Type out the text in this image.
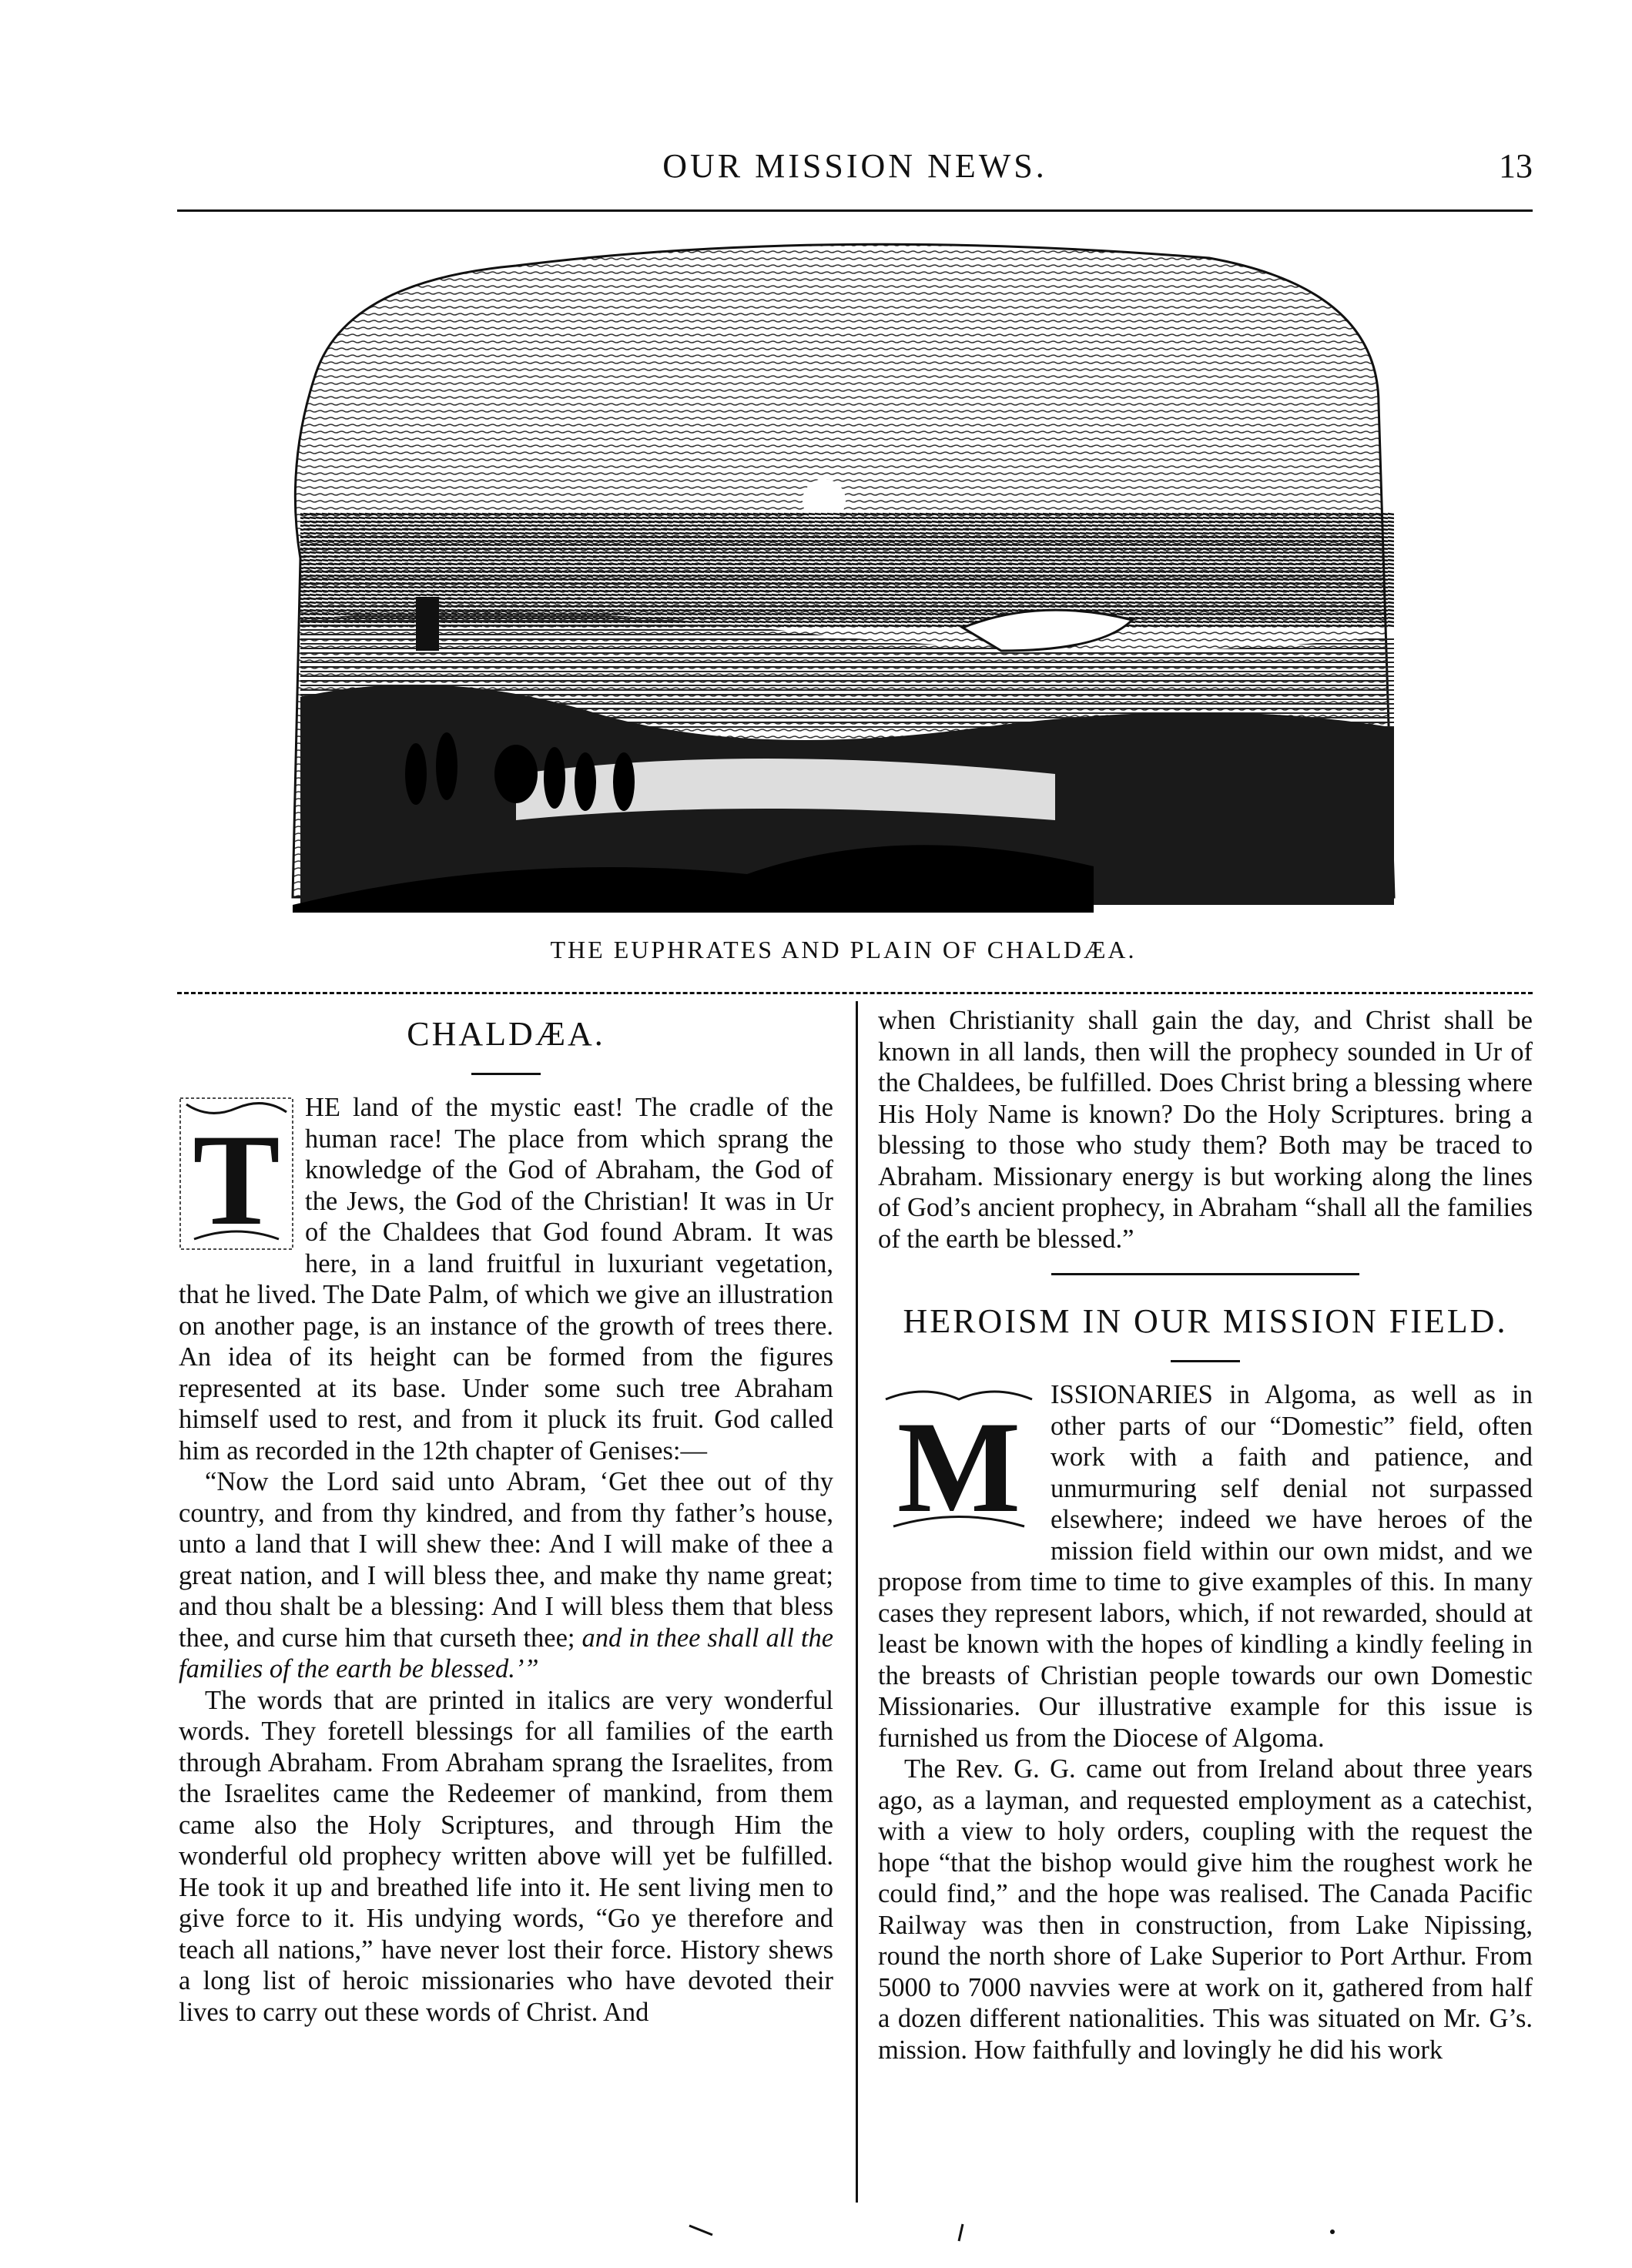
OUR MISSION NEWS.	13
THE EUPHRATES AND PLAIN OF CHALDÆA.
CHALDÆA.
T HE land of the mystic east! The cradle of the human race! The place from which sprang the knowledge of the God of Abraham, the God of the Jews, the God of the Christian! It was in Ur of the Chaldees that God found Abram. It was here, in a land fruitful in luxuriant vegetation, that he lived. The Date Palm, of which we give an illustration on another page, is an instance of the growth of trees there. An idea of its height can be formed from the figures represented at its base. Under some such tree Abraham himself used to rest, and from it pluck its fruit. God called him as recorded in the 12th chapter of Genises:—

“Now the Lord said unto Abram, ‘Get thee out of thy country, and from thy kindred, and from thy father’s house, unto a land that I will shew thee: And I will make of thee a great nation, and I will bless thee, and make thy name great; and thou shalt be a blessing: And I will bless them that bless thee, and curse him that curseth thee; and in thee shall all the families of the earth be blessed.’”

The words that are printed in italics are very wonderful words. They foretell blessings for all families of the earth through Abraham. From Abraham sprang the Israelites, from the Israelites came the Redeemer of mankind, from them came also the Holy Scriptures, and through Him the wonderful old prophecy written above will yet be fulfilled. He took it up and breathed life into it. He sent living men to give force to it. His undying words, “Go ye therefore and teach all nations,” have never lost their force. History shews a long list of heroic missionaries who have devoted their lives to carry out these words of Christ. And

when Christianity shall gain the day, and Christ shall be known in all lands, then will the prophecy sounded in Ur of the Chaldees, be fulfilled. Does Christ bring a blessing where His Holy Name is known? Do the Holy Scriptures. bring a blessing to those who study them? Both may be traced to Abraham. Missionary energy is but working along the lines of God’s ancient prophecy, in Abraham “shall all the families of the earth be blessed.”

HEROISM IN OUR MISSION FIELD.
M	ISSIONARIES in Algoma, as well as in other parts of our “Domestic” field, often work with a faith and patience, and unmurmuring self denial not surpassed elsewhere; indeed we have heroes of the mission field within our own midst, and we propose from time to time to give examples of this. In many cases they represent labors, which, if not rewarded, should at least be known with the hopes of kindling a kindly feeling in the breasts of Christian people towards our own Domestic Missionaries. Our illustrative example for this issue is furnished us from the Diocese of Algoma.

The Rev. G. G. came out from Ireland about three years ago, as a layman, and requested employment as a catechist, with a view to holy orders, coupling with the request the hope “that the bishop would give him the roughest work he could find,” and the hope was realised. The Canada Pacific Railway was then in construction, from Lake Nipissing, round the north shore of Lake Superior to Port Arthur. From 5000 to 7000 navvies were at work on it, gathered from half a dozen different nationalities. This was situated on Mr. G’s. mission. How faithfully and lovingly he did his work
